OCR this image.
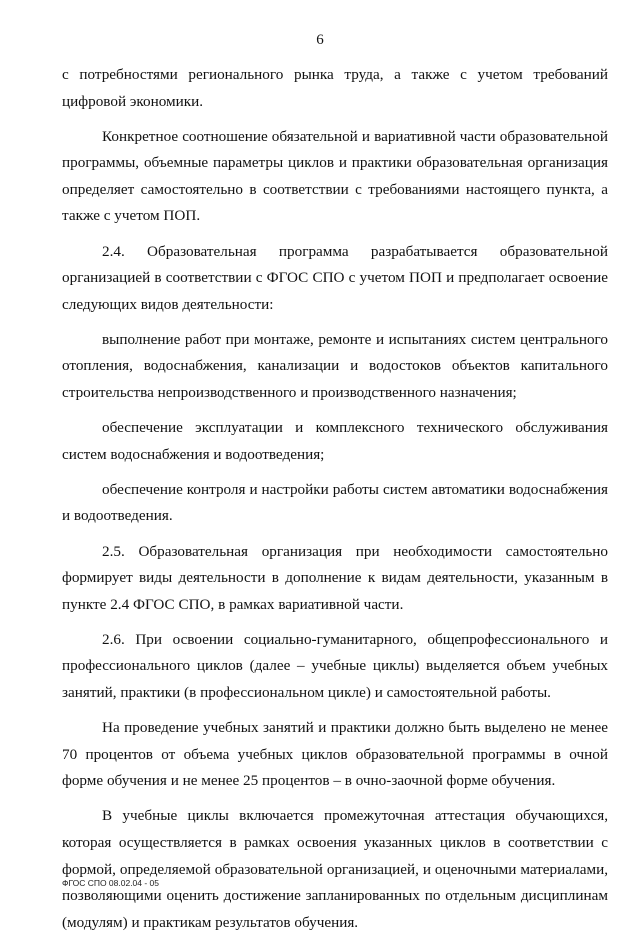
6

с потребностями регионального рынка труда, а также с учетом требований цифровой экономики.

Конкретное соотношение обязательной и вариативной части образовательной программы, объемные параметры циклов и практики образовательная организация определяет самостоятельно в соответствии с требованиями настоящего пункта, а также с учетом ПОП.

2.4. Образовательная программа разрабатывается образовательной организацией в соответствии с ФГОС СПО с учетом ПОП и предполагает освоение следующих видов деятельности:

выполнение работ при монтаже, ремонте и испытаниях систем центрального отопления, водоснабжения, канализации и водостоков объектов капитального строительства непроизводственного и производственного назначения;

обеспечение эксплуатации и комплексного технического обслуживания систем водоснабжения и водоотведения;

обеспечение контроля и настройки работы систем автоматики водоснабжения и водоотведения.

2.5. Образовательная организация при необходимости самостоятельно формирует виды деятельности в дополнение к видам деятельности, указанным в пункте 2.4 ФГОС СПО, в рамках вариативной части.

2.6. При освоении социально-гуманитарного, общепрофессионального и профессионального циклов (далее – учебные циклы) выделяется объем учебных занятий, практики (в профессиональном цикле) и самостоятельной работы.

На проведение учебных занятий и практики должно быть выделено не менее 70 процентов от объема учебных циклов образовательной программы в очной форме обучения и не менее 25 процентов – в очно-заочной форме обучения.

В учебные циклы включается промежуточная аттестация обучающихся, которая осуществляется в рамках освоения указанных циклов в соответствии с формой, определяемой образовательной организацией, и оценочными материалами, позволяющими оценить достижение запланированных по отдельным дисциплинам (модулям) и практикам результатов обучения.

ФГОС СПО 08.02.04 - 05
